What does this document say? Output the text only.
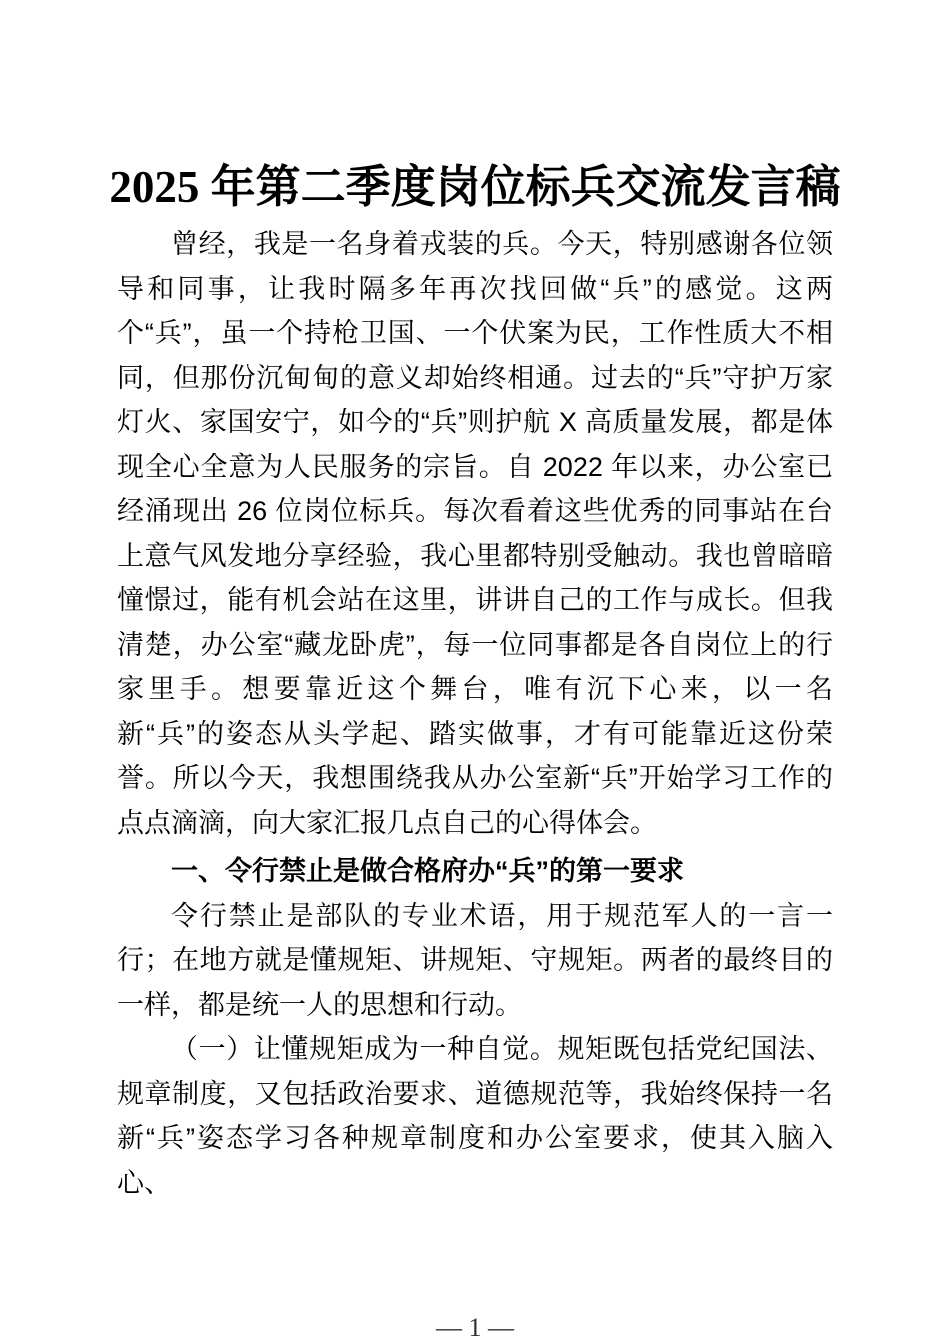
2025 年第二季度岗位标兵交流发言稿

曾经，我是一名身着戎装的兵。今天，特别感谢各位领导和同事，让我时隔多年再次找回做“兵”的感觉。这两个“兵”，虽一个持枪卫国、一个伏案为民，工作性质大不相同，但那份沉甸甸的意义却始终相通。过去的“兵”守护万家灯火、家国安宁，如今的“兵”则护航 X 高质量发展，都是体现全心全意为人民服务的宗旨。自 2022 年以来，办公室已经涌现出 26 位岗位标兵。每次看着这些优秀的同事站在台上意气风发地分享经验，我心里都特别受触动。我也曾暗暗憧憬过，能有机会站在这里，讲讲自己的工作与成长。但我清楚，办公室“藏龙卧虎”，每一位同事都是各自岗位上的行家里手。想要靠近这个舞台，唯有沉下心来，以一名新“兵”的姿态从头学起、踏实做事，才有可能靠近这份荣誉。所以今天，我想围绕我从办公室新“兵”开始学习工作的点点滴滴，向大家汇报几点自己的心得体会。

一、令行禁止是做合格府办“兵”的第一要求

令行禁止是部队的专业术语，用于规范军人的一言一行；在地方就是懂规矩、讲规矩、守规矩。两者的最终目的一样，都是统一人的思想和行动。

（一）让懂规矩成为一种自觉。规矩既包括党纪国法、规章制度，又包括政治要求、道德规范等，我始终保持一名新“兵”姿态学习各种规章制度和办公室要求，使其入脑入心、

— 1 —
